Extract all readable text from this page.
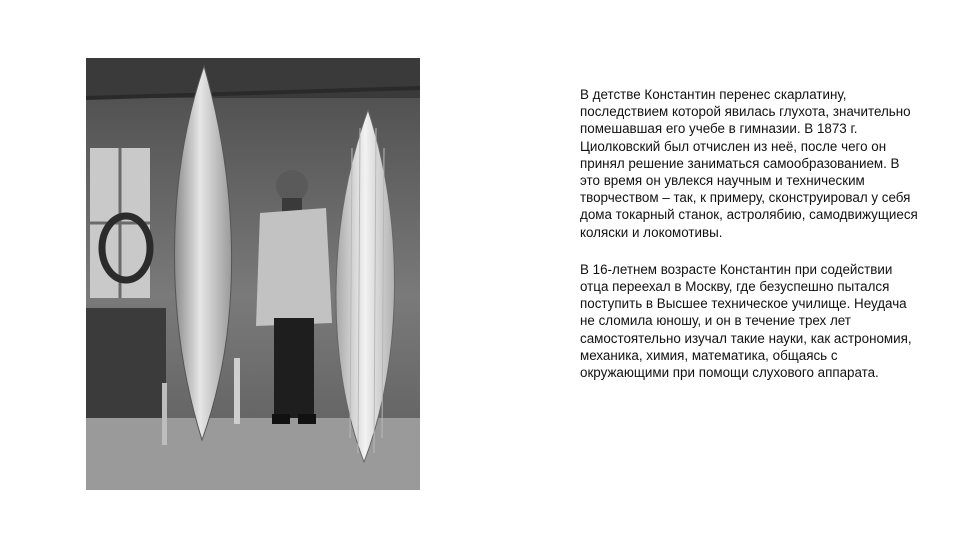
В детстве Константин перенес скарлатину, последствием которой явилась глухота, значительно помешавшая его учебе в гимназии. В 1873 г. Циолковский был отчислен из неё, после чего он принял решение заниматься самообразованием. В это время он увлекся научным и техническим творчеством – так, к примеру, сконструировал у себя дома токарный станок, астролябию, самодвижущиеся коляски и локомотивы.

В 16-летнем возрасте Константин при содействии отца переехал в Москву, где безуспешно пытался поступить в Высшее техническое училище. Неудача не сломила юношу, и он в течение трех лет самостоятельно изучал такие науки, как астрономия, механика, химия, математика, общаясь с окружающими при помощи слухового аппарата.
